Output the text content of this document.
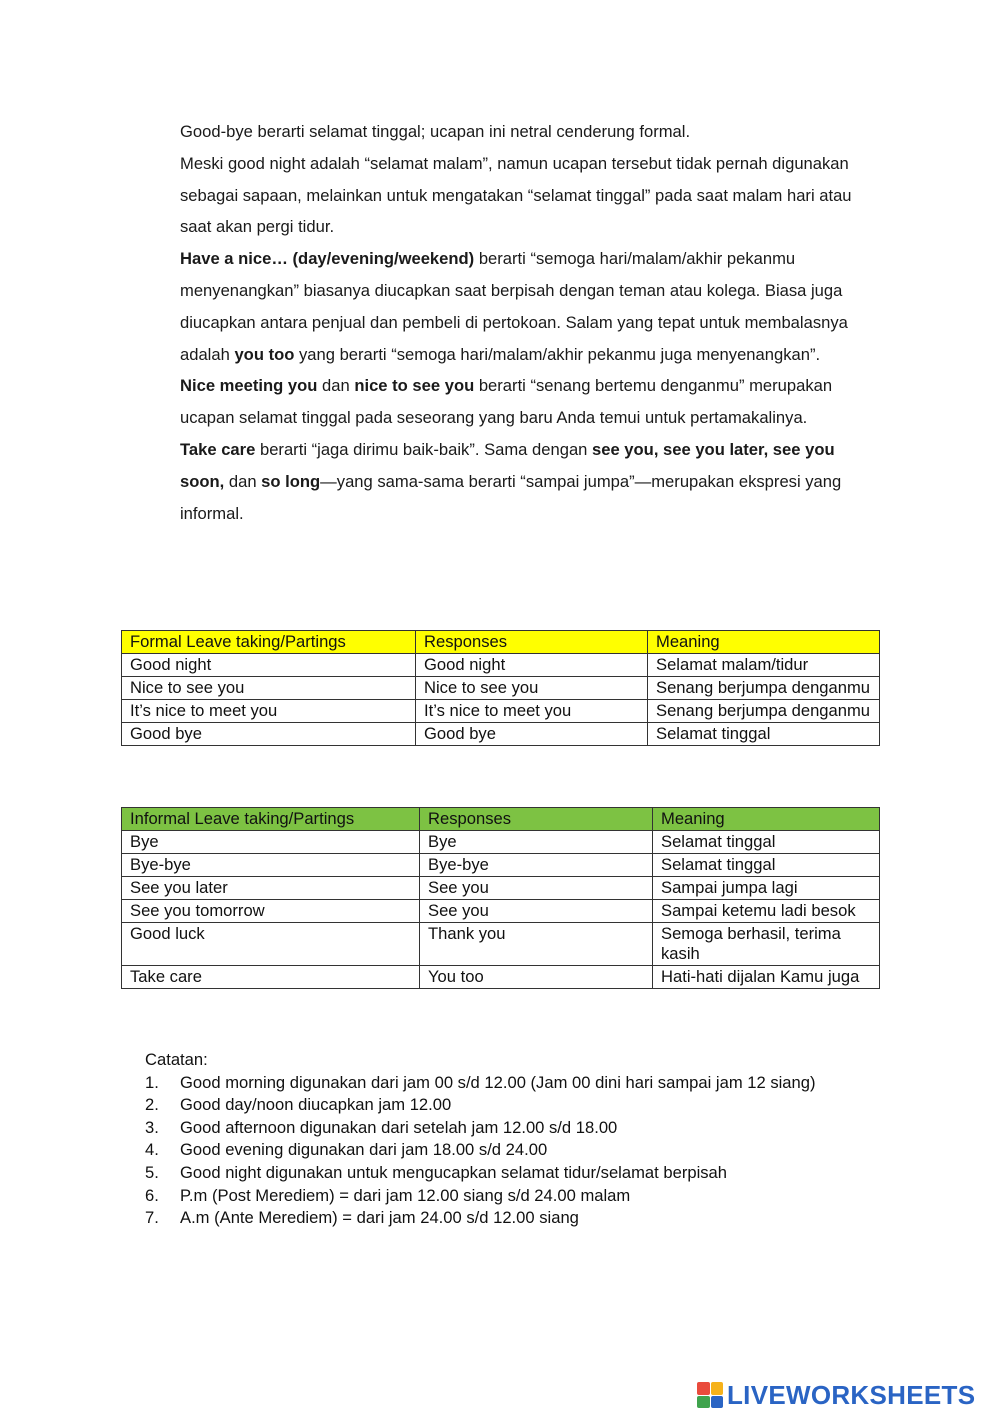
Good-bye berarti selamat tinggal; ucapan ini netral cenderung formal.

Meski good night adalah “selamat malam”, namun ucapan tersebut tidak pernah digunakan sebagai sapaan, melainkan untuk mengatakan “selamat tinggal” pada saat malam hari atau saat akan pergi tidur.

Have a nice… (day/evening/weekend) berarti “semoga hari/malam/akhir pekanmu menyenangkan” biasanya diucapkan saat berpisah dengan teman atau kolega. Biasa juga diucapkan antara penjual dan pembeli di pertokoan. Salam yang tepat untuk membalasnya adalah you too yang berarti “semoga hari/malam/akhir pekanmu juga menyenangkan”.

Nice meeting you dan nice to see you berarti “senang bertemu denganmu” merupakan ucapan selamat tinggal pada seseorang yang baru Anda temui untuk pertamakalinya.

Take care berarti “jaga dirimu baik-baik”. Sama dengan see you, see you later, see you soon, dan so long—yang sama-sama berarti “sampai jumpa”—merupakan ekspresi yang informal.

Formal Leave taking/Partings	Responses	Meaning
Good night	Good night	Selamat malam/tidur
Nice to see you	Nice to see you	Senang berjumpa denganmu
It’s nice to meet you	It’s nice to meet you	Senang berjumpa denganmu
Good bye	Good bye	Selamat tinggal
Informal Leave taking/Partings	Responses	Meaning
Bye	Bye	Selamat tinggal
Bye-bye	Bye-bye	Selamat tinggal
See you later	See you	Sampai jumpa lagi
See you tomorrow	See you	Sampai ketemu ladi besok
Good luck	Thank you	Semoga berhasil, terima kasih
Take care	You too	Hati-hati dijalan Kamu juga
Catatan:
1. Good morning digunakan dari jam 00 s/d 12.00 (Jam 00 dini hari sampai jam 12 siang)
2. Good day/noon diucapkan jam 12.00
3. Good afternoon digunakan dari setelah jam 12.00 s/d 18.00
4. Good evening digunakan dari jam 18.00 s/d 24.00
5. Good night digunakan untuk mengucapkan selamat tidur/selamat berpisah
6. P.m (Post Merediem) = dari jam 12.00 siang s/d 24.00 malam
7. A.m (Ante Merediem) = dari jam 24.00 s/d 12.00 siang
LIVEWORKSHEETS
